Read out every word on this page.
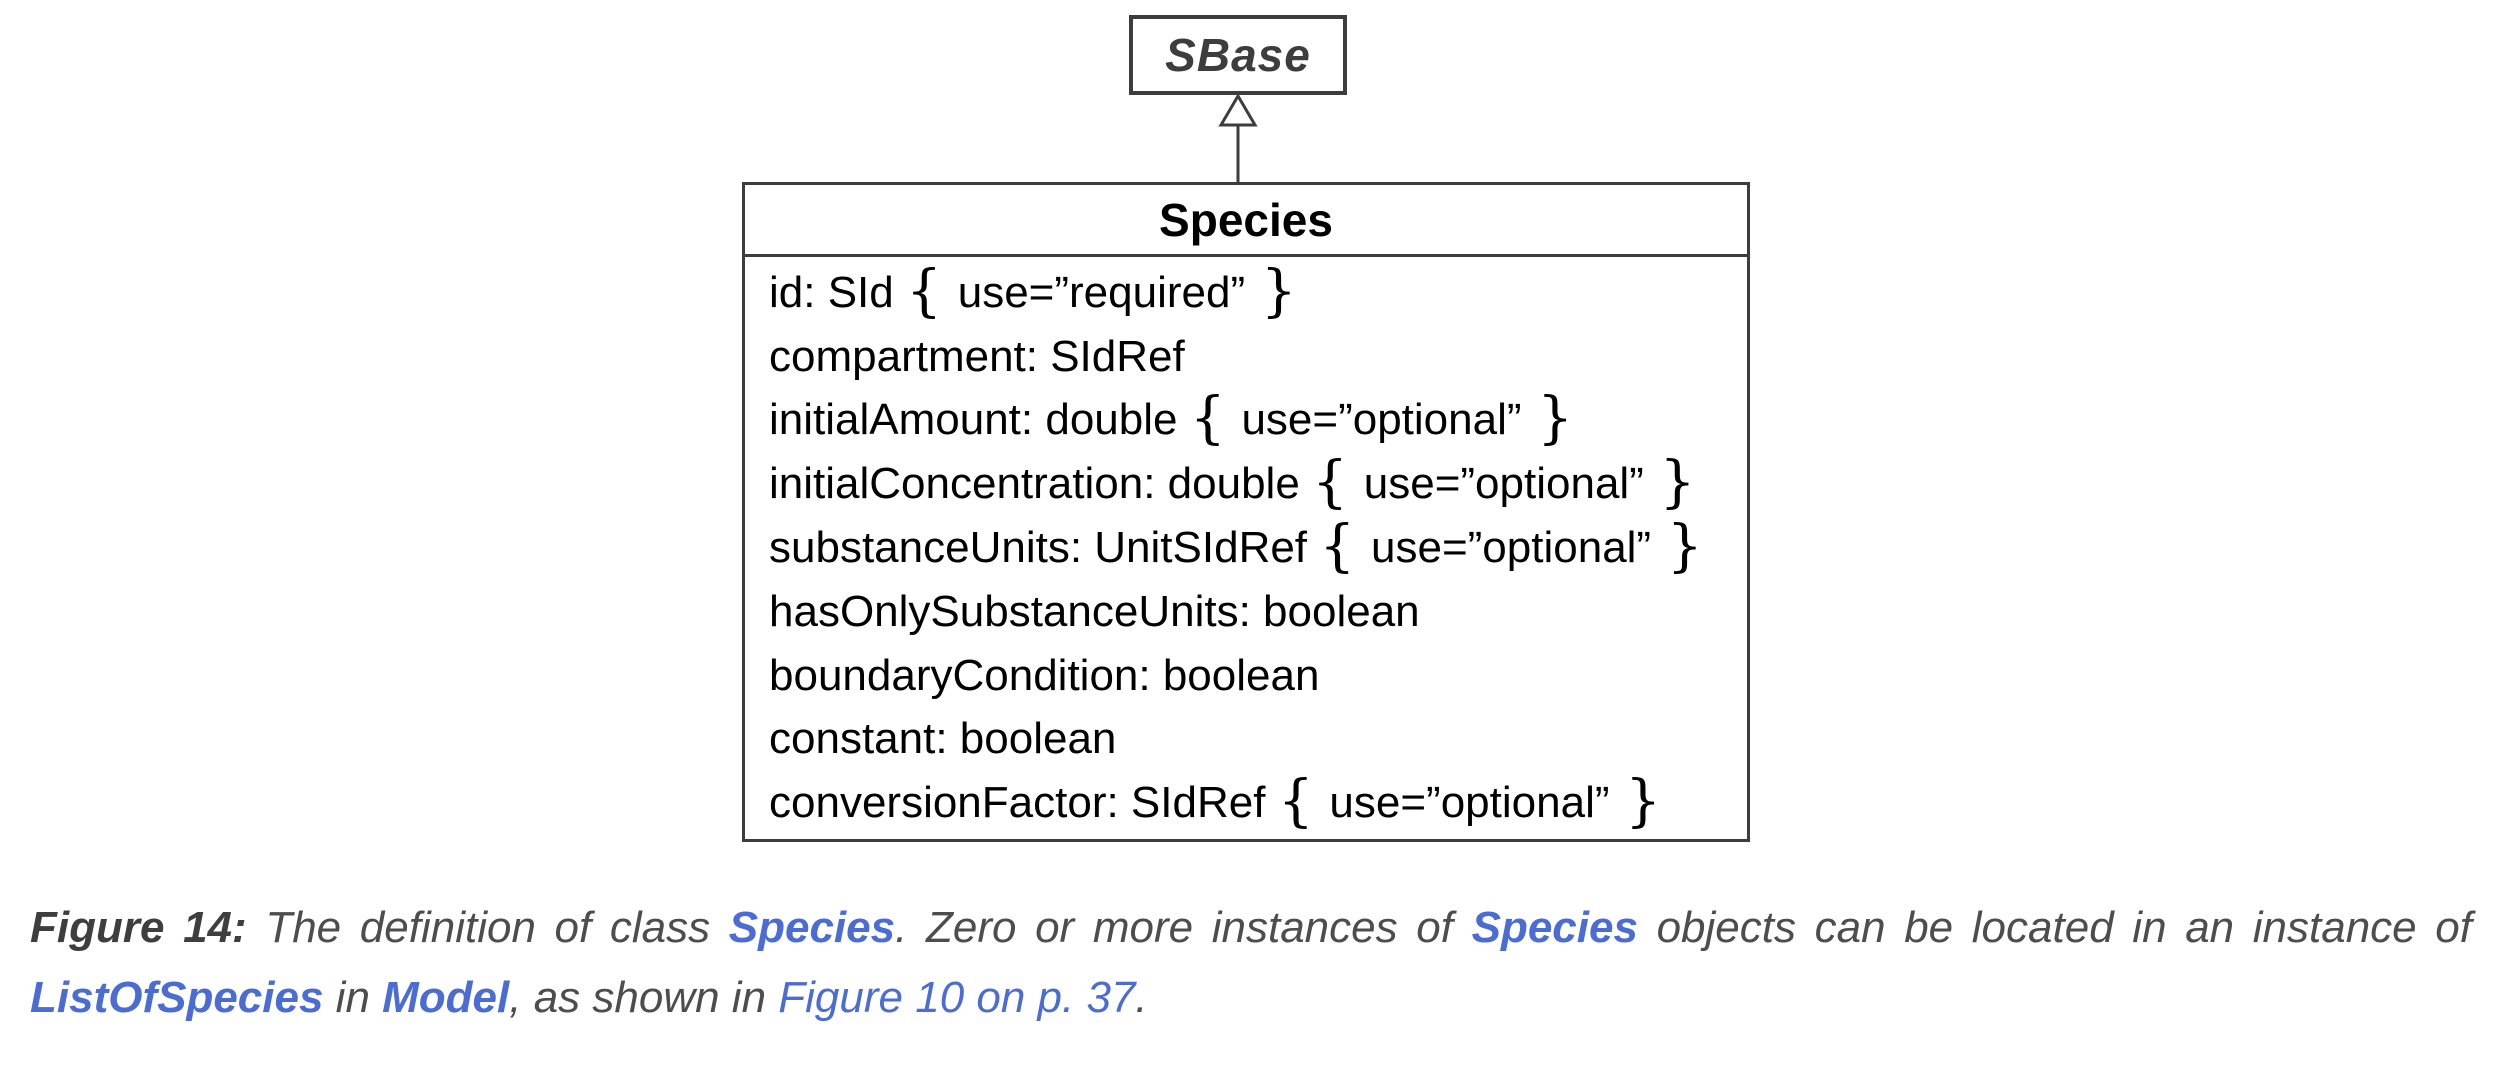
SBase
Species
id: SId { use=”required” }
compartment: SIdRef
initialAmount: double { use=”optional” }
initialConcentration: double { use=”optional” }
substanceUnits: UnitSIdRef { use=”optional” }
hasOnlySubstanceUnits: boolean
boundaryCondition: boolean
constant: boolean
conversionFactor: SIdRef { use=”optional” }
Figure 14: The definition of class Species. Zero or more instances of Species objects can be located in an instance of
ListOfSpecies in Model, as shown in Figure 10 on p. 37.
